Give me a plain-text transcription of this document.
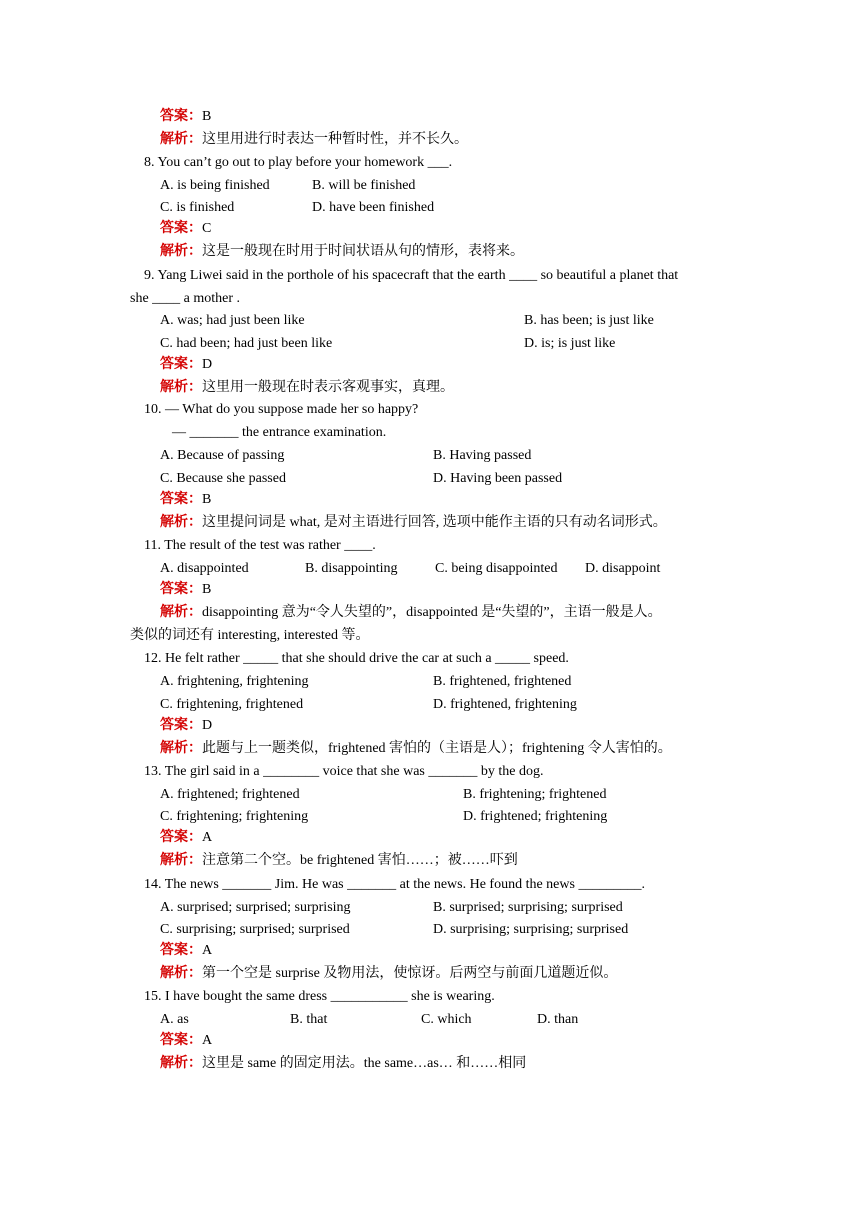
答案：B
解析：这里用进行时表达一种暂时性，并不长久。
8. You can’t go out to play before your homework ___.
A. is being finished	B. will be finished
C. is finished	D. have been finished
答案：C
解析：这是一般现在时用于时间状语从句的情形，表将来。
9. Yang Liwei said in the porthole of his spacecraft that the earth ____ so beautiful a planet that
she ____ a mother .
A. was; had just been like	B. has been; is just like
C. had been; had just been like	D. is; is just like
答案：D
解析：这里用一般现在时表示客观事实，真理。
10. — What do you suppose made her so happy?
— _______ the entrance examination.
A. Because of passing	B. Having passed
C. Because she passed	D. Having been passed
答案：B
解析：这里提问词是 what, 是对主语进行回答, 选项中能作主语的只有动名词形式。
11. The result of the test was rather ____.
A. disappointed	B. disappointing	C. being disappointed D. disappoint
答案：B
解析：disappointing 意为“令人失望的”，disappointed 是“失望的”，主语一般是人。
类似的词还有 interesting, interested 等。
12. He felt rather _____ that she should drive the car at such a _____ speed.
A. frightening, frightening	B. frightened, frightened
C. frightening, frightened	D. frightened, frightening
答案：D
解析：此题与上一题类似，frightened 害怕的（主语是人）；frightening 令人害怕的。
13. The girl said in a ________ voice that she was _______ by the dog.
A. frightened; frightened	B. frightening; frightened
C. frightening; frightening	D. frightened; frightening
答案：A
解析：注意第二个空。be frightened 害怕……；被……吓到
14. The news _______ Jim. He was _______ at the news. He found the news _________.
A. surprised; surprised; surprising	B. surprised; surprising; surprised
C. surprising; surprised; surprised	D. surprising; surprising; surprised
答案：A
解析：第一个空是 surprise 及物用法，使惊讶。后两空与前面几道题近似。
15. I have bought the same dress ___________ she is wearing.
A. as	B. that	C. which	D. than
答案：A
解析：这里是 same 的固定用法。the same…as… 和……相同
